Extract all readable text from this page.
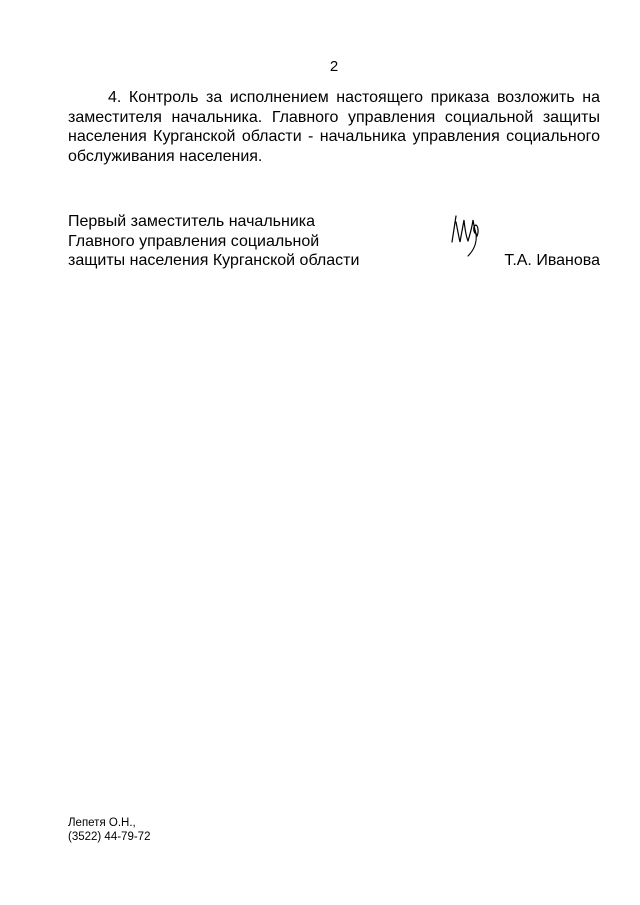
2

4. Контроль за исполнением настоящего приказа возложить на заместителя начальника. Главного управления социальной защиты населения Курганской области - начальника управления социального обслуживания населения.

Первый заместитель начальника
Главного управления социальной
защиты населения Курганской области	Т.А. Иванова
Лепетя О.Н.,
(3522) 44-79-72
